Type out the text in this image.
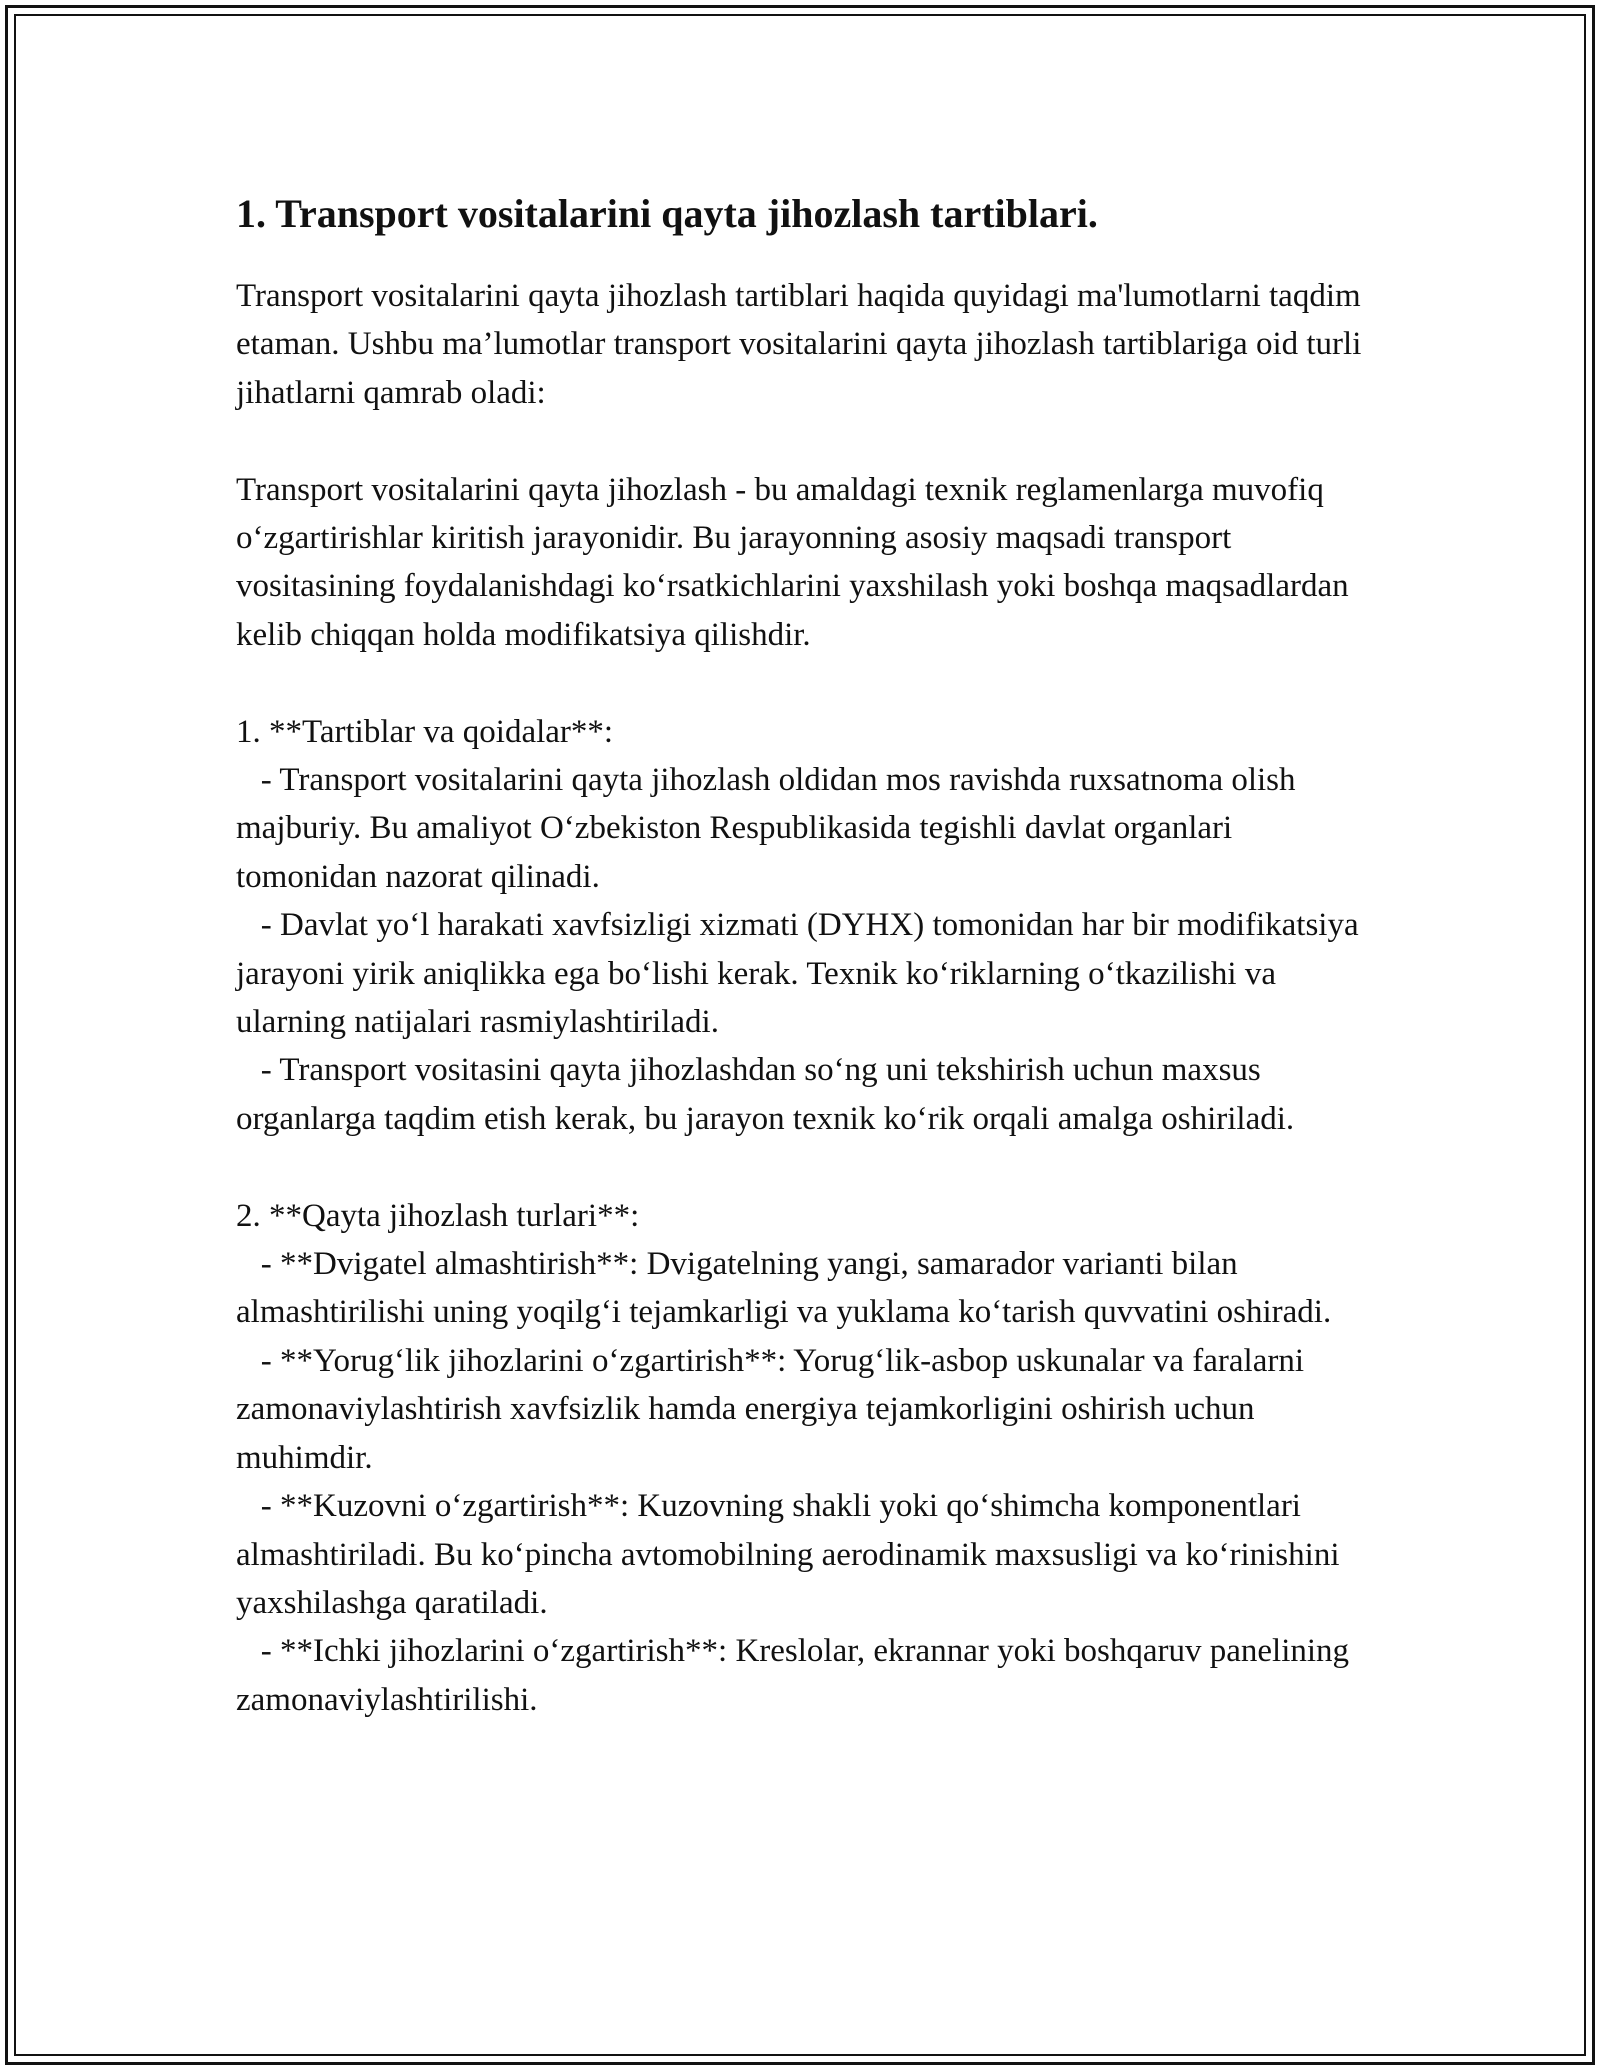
1. Transport vositalarini qayta jihozlash tartiblari.

Transport vositalarini qayta jihozlash tartiblari haqida quyidagi ma'lumotlarni taqdim etaman. Ushbu ma’lumotlar transport vositalarini qayta jihozlash tartiblariga oid turli jihatlarni qamrab oladi:

Transport vositalarini qayta jihozlash - bu amaldagi texnik reglamenlarga muvofiq o‘zgartirishlar kiritish jarayonidir. Bu jarayonning asosiy maqsadi transport vositasining foydalanishdagi ko‘rsatkichlarini yaxshilash yoki boshqa maqsadlardan kelib chiqqan holda modifikatsiya qilishdir.

1. **Tartiblar va qoidalar**:

- Transport vositalarini qayta jihozlash oldidan mos ravishda ruxsatnoma olish majburiy. Bu amaliyot O‘zbekiston Respublikasida tegishli davlat organlari tomonidan nazorat qilinadi.

- Davlat yo‘l harakati xavfsizligi xizmati (DYHX) tomonidan har bir modifikatsiya jarayoni yirik aniqlikka ega bo‘lishi kerak. Texnik ko‘riklarning o‘tkazilishi va ularning natijalari rasmiylashtiriladi.

- Transport vositasini qayta jihozlashdan so‘ng uni tekshirish uchun maxsus organlarga taqdim etish kerak, bu jarayon texnik ko‘rik orqali amalga oshiriladi.

2. **Qayta jihozlash turlari**:

- **Dvigatel almashtirish**: Dvigatelning yangi, samarador varianti bilan almashtirilishi uning yoqilg‘i tejamkarligi va yuklama ko‘tarish quvvatini oshiradi.

- **Yorug‘lik jihozlarini o‘zgartirish**: Yorug‘lik-asbop uskunalar va faralarni zamonaviylashtirish xavfsizlik hamda energiya tejamkorligini oshirish uchun muhimdir.

- **Kuzovni o‘zgartirish**: Kuzovning shakli yoki qo‘shimcha komponentlari almashtiriladi. Bu ko‘pincha avtomobilning aerodinamik maxsusligi va ko‘rinishini yaxshilashga qaratiladi.

- **Ichki jihozlarini o‘zgartirish**: Kreslolar, ekrannar yoki boshqaruv panelining zamonaviylashtirilishi.
